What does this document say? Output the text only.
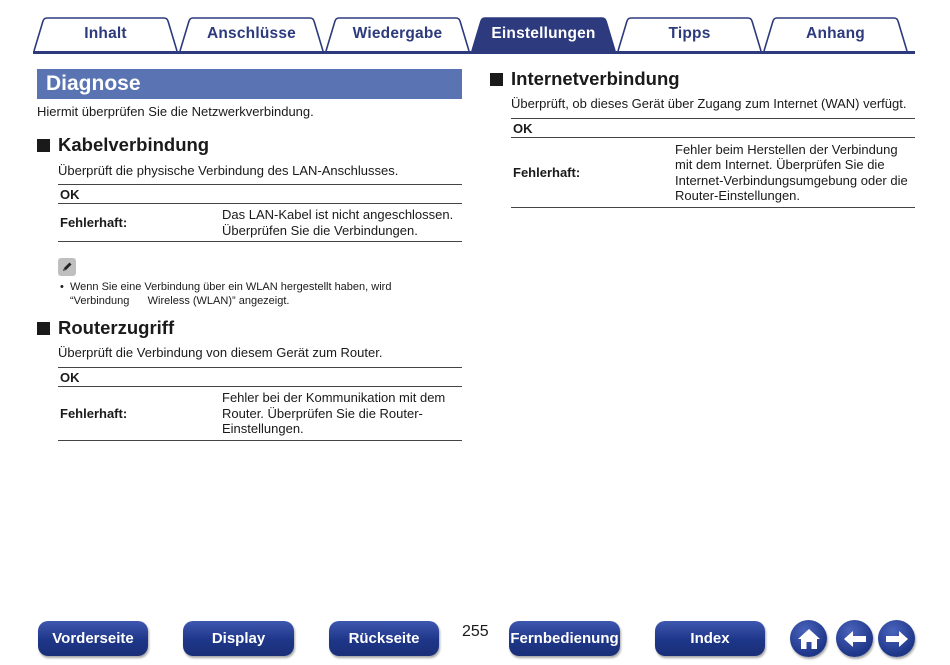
Inhalt	Anschlüsse	Wiedergabe	Einstellungen	Tipps	Anhang
Diagnose
Hiermit überprüfen Sie die Netzwerkverbindung.
Kabelverbindung
Überprüft die physische Verbindung des LAN-Anschlusses.
OK
Fehlerhaft:
Das LAN-Kabel ist nicht angeschlossen.
Überprüfen Sie die Verbindungen.
• Wenn Sie eine Verbindung über ein WLAN hergestellt haben, wird
“Verbindung      Wireless (WLAN)” angezeigt.
Routerzugriff
Überprüft die Verbindung von diesem Gerät zum Router.
OK
Fehlerhaft:
Fehler bei der Kommunikation mit dem
Router. Überprüfen Sie die Router-
Einstellungen.
Internetverbindung
Überprüft, ob dieses Gerät über Zugang zum Internet (WAN) verfügt.
OK
Fehlerhaft:
Fehler beim Herstellen der Verbindung
mit dem Internet. Überprüfen Sie die
Internet-Verbindungsumgebung oder die
Router-Einstellungen.
Vorderseite	Display	Rückseite	255 Fernbedienung	Index
